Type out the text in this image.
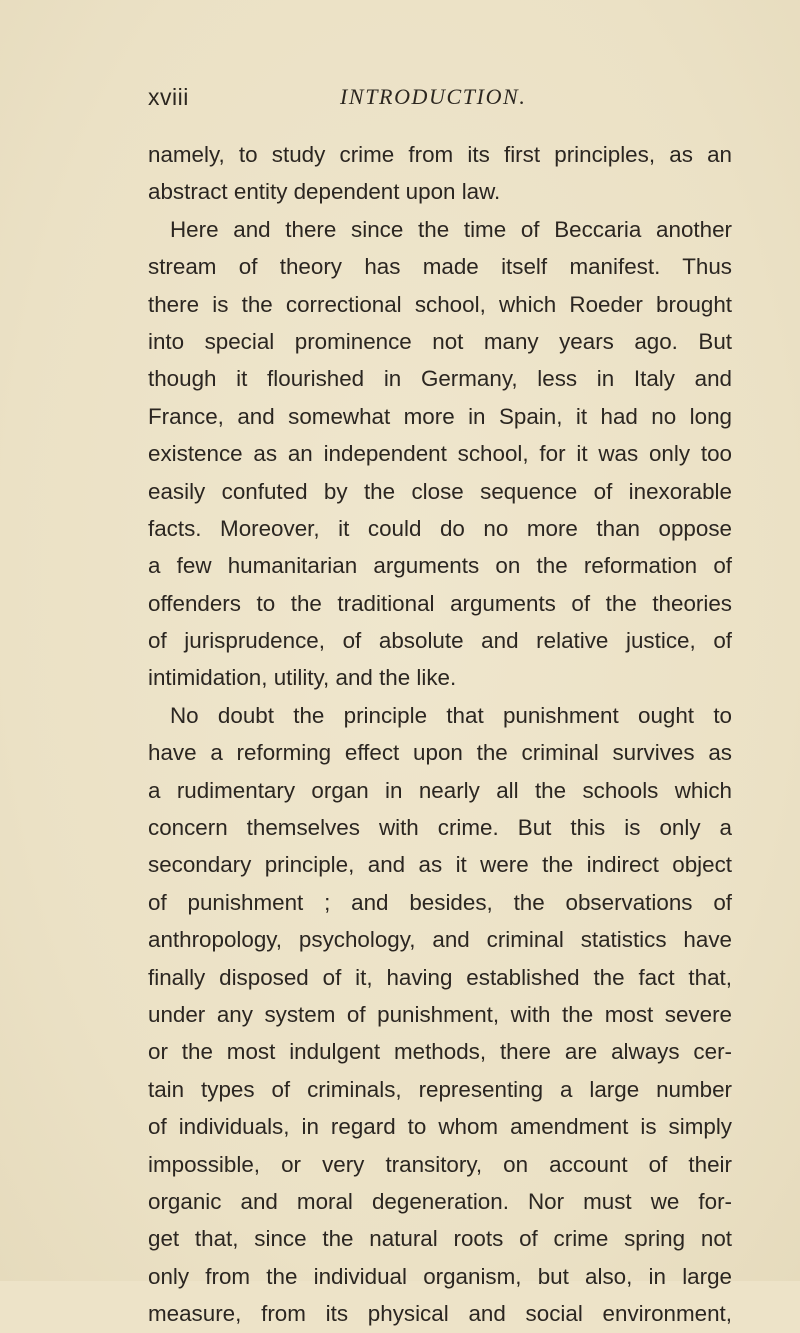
xviii	INTRODUCTION.
namely, to study crime from its first principles, as an
abstract entity dependent upon law.
Here and there since the time of Beccaria another
stream of theory has made itself manifest. Thus
there is the correctional school, which Roeder brought
into special prominence not many years ago. But
though it flourished in Germany, less in Italy and
France, and somewhat more in Spain, it had no long
existence as an independent school, for it was only too
easily confuted by the close sequence of inexorable
facts. Moreover, it could do no more than oppose
a few humanitarian arguments on the reformation of
offenders to the traditional arguments of the theories
of jurisprudence, of absolute and relative justice, of
intimidation, utility, and the like.
No doubt the principle that punishment ought to
have a reforming effect upon the criminal survives as
a rudimentary organ in nearly all the schools which
concern themselves with crime. But this is only a
secondary principle, and as it were the indirect object
of punishment ; and besides, the observations of
anthropology, psychology, and criminal statistics have
finally disposed of it, having established the fact that,
under any system of punishment, with the most severe
or the most indulgent methods, there are always cer-
tain types of criminals, representing a large number
of individuals, in regard to whom amendment is simply
impossible, or very transitory, on account of their
organic and moral degeneration. Nor must we for-
get that, since the natural roots of crime spring not
only from the individual organism, but also, in large
measure, from its physical and social environment,
